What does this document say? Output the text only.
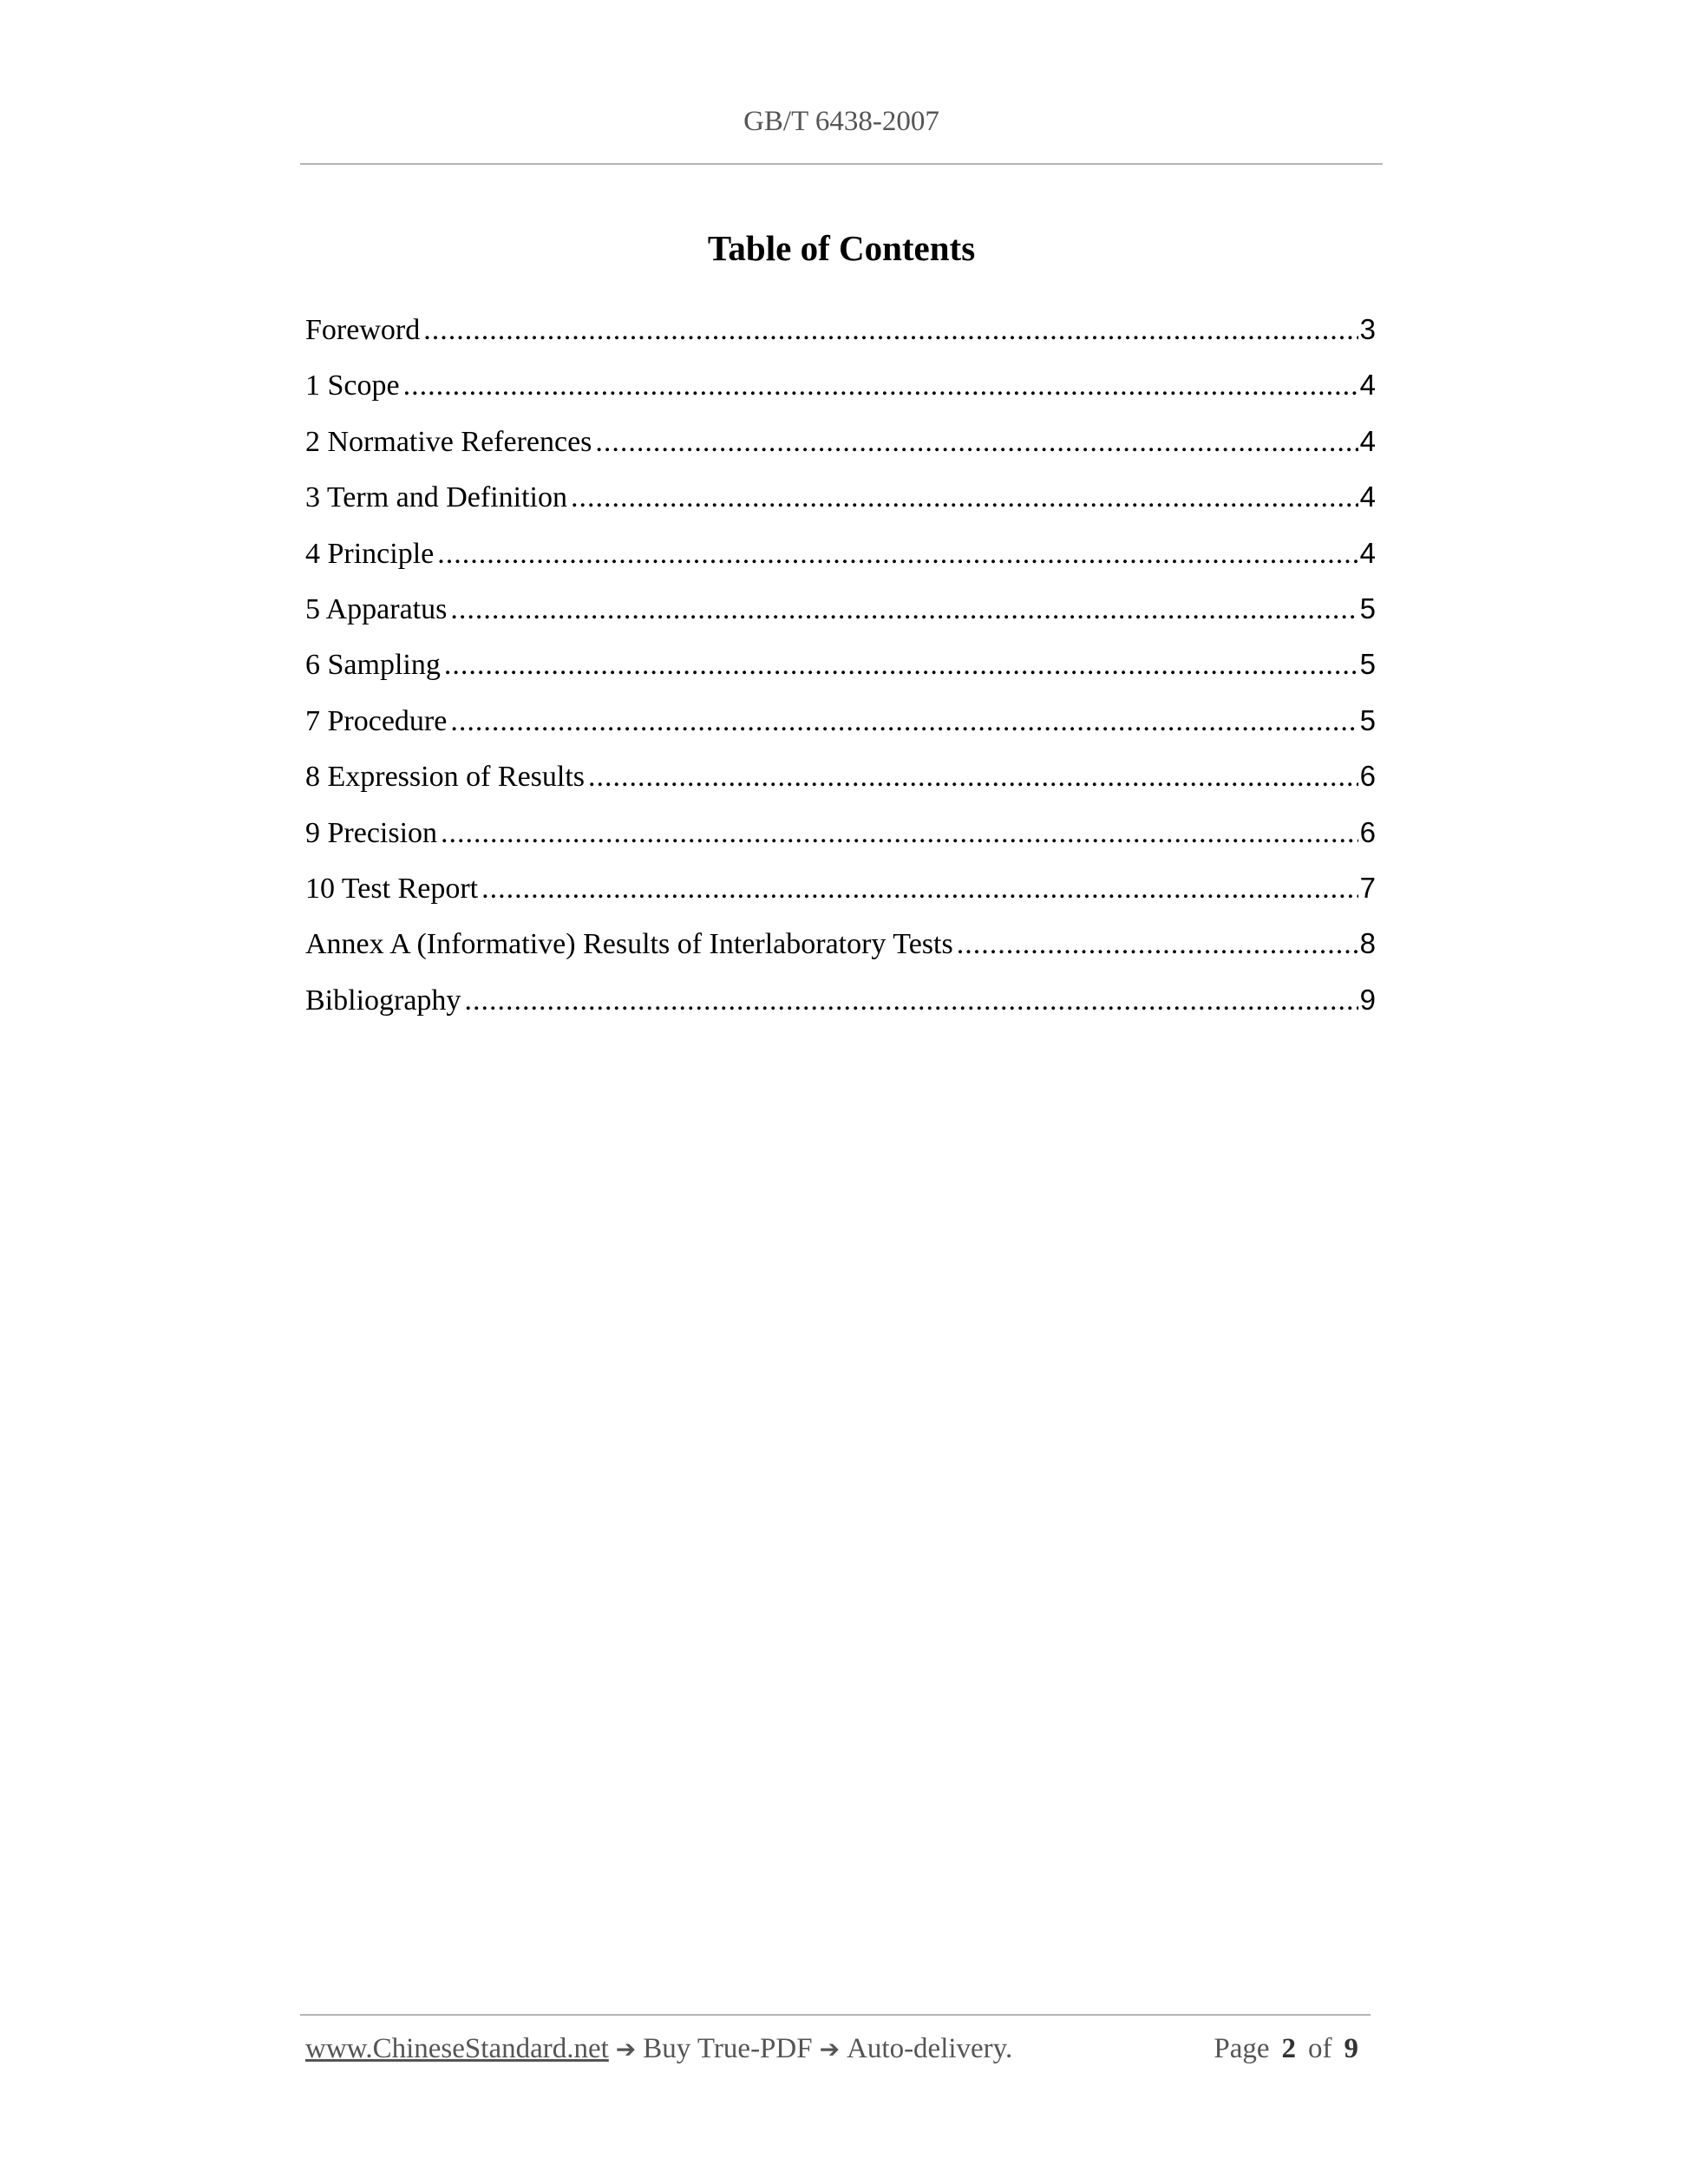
GB/T 6438-2007
Table of Contents
Foreword .....	3
1 Scope .....	4
2 Normative References .....	4
3 Term and Definition .....	4
4 Principle .....	4
5 Apparatus .....	5
6 Sampling .....	5
7 Procedure .....	5
8 Expression of Results .....	6
9 Precision .....	6
10 Test Report .....	7
Annex A (Informative) Results of Interlaboratory Tests .....	8
Bibliography .....	9
www.ChineseStandard.net ➔ Buy True-PDF ➔ Auto-delivery.	Page 2 of 9
